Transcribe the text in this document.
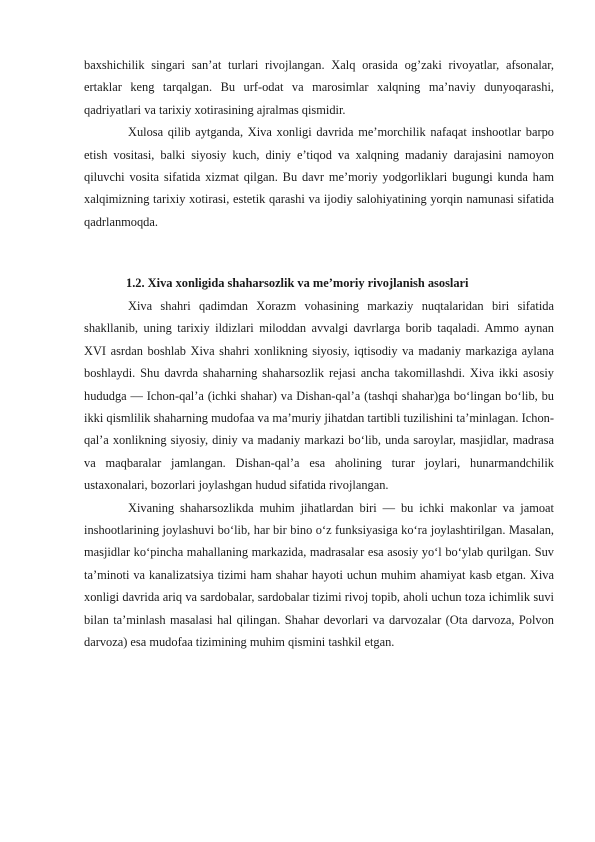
baxshichilik singari san’at turlari rivojlangan. Xalq orasida og’zaki rivoyatlar, afsonalar, ertaklar keng tarqalgan. Bu urf-odat va marosimlar xalqning ma’naviy dunyoqarashi, qadriyatlari va tarixiy xotirasining ajralmas qismidir.

Xulosa qilib aytganda, Xiva xonligi davrida me’morchilik nafaqat inshootlar barpo etish vositasi, balki siyosiy kuch, diniy e’tiqod va xalqning madaniy darajasini namoyon qiluvchi vosita sifatida xizmat qilgan. Bu davr me’moriy yodgorliklari bugungi kunda ham xalqimizning tarixiy xotirasi, estetik qarashi va ijodiy salohiyatining yorqin namunasi sifatida qadrlanmoqda.

1.2. Xiva xonligida shaharsozlik va me’moriy rivojlanish asoslari

Xiva shahri qadimdan Xorazm vohasining markaziy nuqtalaridan biri sifatida shakllanib, uning tarixiy ildizlari miloddan avvalgi davrlarga borib taqaladi. Ammo aynan XVI asrdan boshlab Xiva shahri xonlikning siyosiy, iqtisodiy va madaniy markaziga aylana boshlaydi. Shu davrda shaharning shaharsozlik rejasi ancha takomillashdi. Xiva ikki asosiy hududga — Ichon-qal’a (ichki shahar) va Dishan-qal’a (tashqi shahar)ga bo‘lingan bo‘lib, bu ikki qismlilik shaharning mudofaa va ma’muriy jihatdan tartibli tuzilishini ta’minlagan. Ichon-qal’a xonlikning siyosiy, diniy va madaniy markazi bo‘lib, unda saroylar, masjidlar, madrasa va maqbaralar jamlangan. Dishan-qal’a esa aholining turar joylari, hunarmandchilik ustaxonalari, bozorlari joylashgan hudud sifatida rivojlangan.

Xivaning shaharsozlikda muhim jihatlardan biri — bu ichki makonlar va jamoat inshootlarining joylashuvi bo‘lib, har bir bino o‘z funksiyasiga ko‘ra joylashtirilgan. Masalan, masjidlar ko‘pincha mahallaning markazida, madrasalar esa asosiy yo‘l bo‘ylab qurilgan. Suv ta’minoti va kanalizatsiya tizimi ham shahar hayoti uchun muhim ahamiyat kasb etgan. Xiva xonligi davrida ariq va sardobalar, sardobalar tizimi rivoj topib, aholi uchun toza ichimlik suvi bilan ta’minlash masalasi hal qilingan. Shahar devorlari va darvozalar (Ota darvoza, Polvon darvoza) esa mudofaa tizimining muhim qismini tashkil etgan.
